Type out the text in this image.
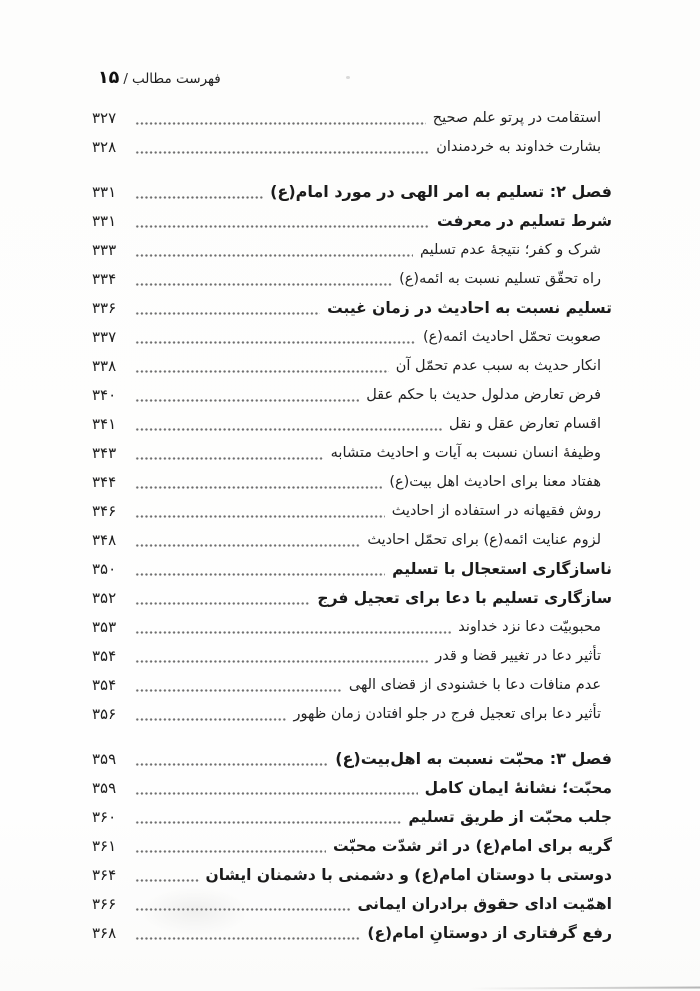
فهرست مطالب/۱۵
استقامت در پرتو علم صحیح
۳۲۷
بشارت خداوند به خردمندان
۳۲۸
فصل ۲: تسلیم به امر الهی در مورد امام(ع)
۳۳۱
شرط تسلیم در معرفت
۳۳۱
شرک و کفر؛ نتیجهٔ عدم تسلیم
۳۳۳
راه تحقّق تسلیم نسبت به ائمه(ع)
۳۳۴
تسلیم نسبت به احادیث در زمان غیبت
۳۳۶
صعوبت تحمّل احادیث ائمه(ع)
۳۳۷
انکار حدیث به سبب عدم تحمّل آن
۳۳۸
فرض تعارض مدلول حدیث با حکم عقل
۳۴۰
اقسام تعارض عقل و نقل
۳۴۱
وظیفهٔ انسان نسبت به آیات و احادیث متشابه
۳۴۳
هفتاد معنا برای احادیث اهل بیت(ع)
۳۴۴
روش فقیهانه در استفاده از احادیث
۳۴۶
لزوم عنایت ائمه(ع) برای تحمّل احادیث
۳۴۸
ناسازگاری استعجال با تسلیم
۳۵۰
سازگاری تسلیم با دعا برای تعجیل فرج
۳۵۲
محبوبیّت دعا نزد خداوند
۳۵۳
تأثیر دعا در تغییر قضا و قدر
۳۵۴
عدم منافات دعا با خشنودی از قضای الهی
۳۵۴
تأثیر دعا برای تعجیل فرج در جلو افتادن زمان ظهور
۳۵۶
فصل ۳: محبّت نسبت به اهل‌بیت(ع)
۳۵۹
محبّت؛ نشانهٔ ایمان کامل
۳۵۹
جلب محبّت از طریق تسلیم
۳۶۰
گریه برای امام(ع) در اثر شدّت محبّت
۳۶۱
دوستی با دوستان امام(ع) و دشمنی با دشمنان ایشان
۳۶۴
اهمّیت ادای حقوق برادران ایمانی
۳۶۶
رفع گرفتاری از دوستانِ امام(ع)
۳۶۸
